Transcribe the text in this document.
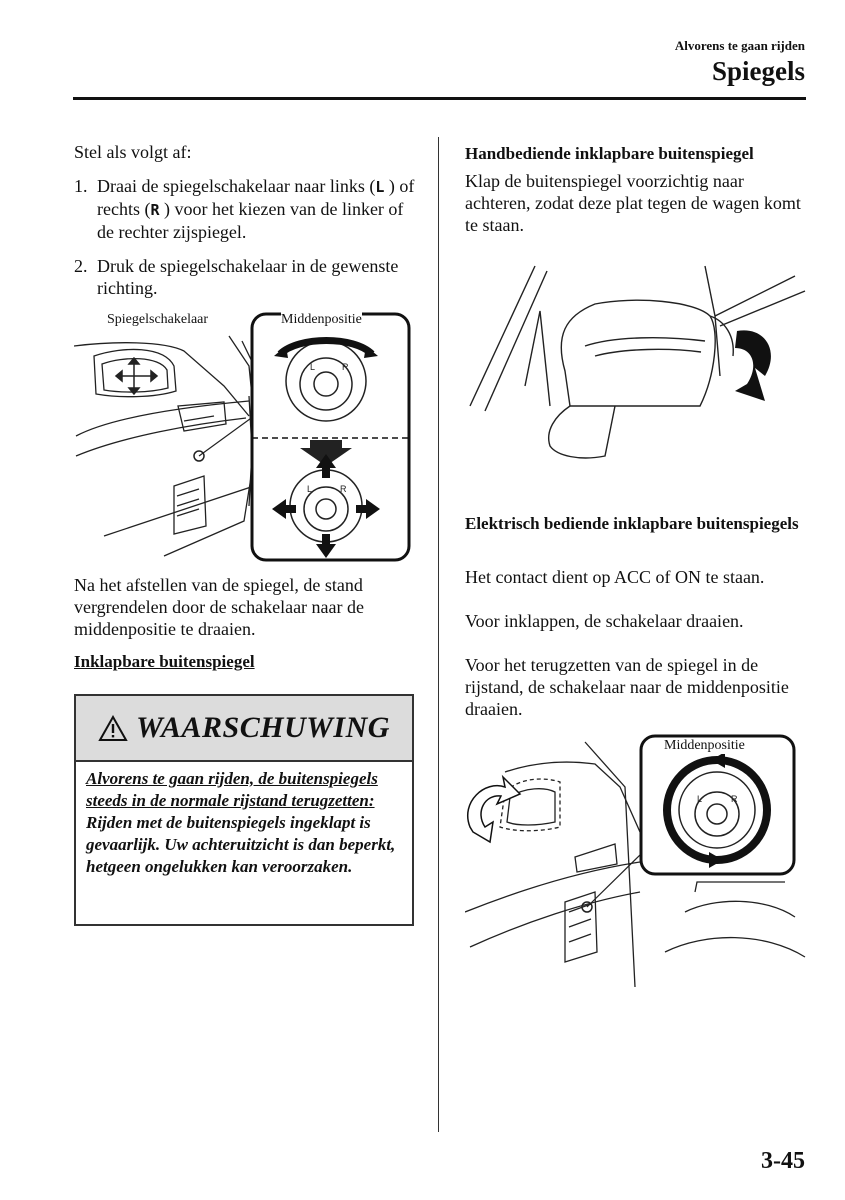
Alvorens te gaan rijden
Spiegels
Stel als volgt af:
1. Draai de spiegelschakelaar naar links (L ) of rechts (R ) voor het kiezen van de linker of de rechter zijspiegel.
2. Druk de spiegelschakelaar in de gewenste richting.
L	R
L	R
Spiegelschakelaar	Middenpositie
Na het afstellen van de spiegel, de stand vergrendelen door de schakelaar naar de middenpositie te draaien.
Inklapbare buitenspiegel
WAARSCHUWING
Alvorens te gaan rijden, de buitenspiegels steeds in de normale rijstand terugzetten:
Rijden met de buitenspiegels ingeklapt is gevaarlijk. Uw achteruitzicht is dan beperkt, hetgeen ongelukken kan veroorzaken.
Handbediende inklapbare buitenspiegel
Klap de buitenspiegel voorzichtig naar achteren, zodat deze plat tegen de wagen komt te staan.
Elektrisch bediende inklapbare buitenspiegels
Het contact dient op ACC of ON te staan.
Voor inklappen, de schakelaar draaien.
Voor het terugzetten van de spiegel in de rijstand, de schakelaar naar de middenpositie draaien.
L	R
Middenpositie
3-45
